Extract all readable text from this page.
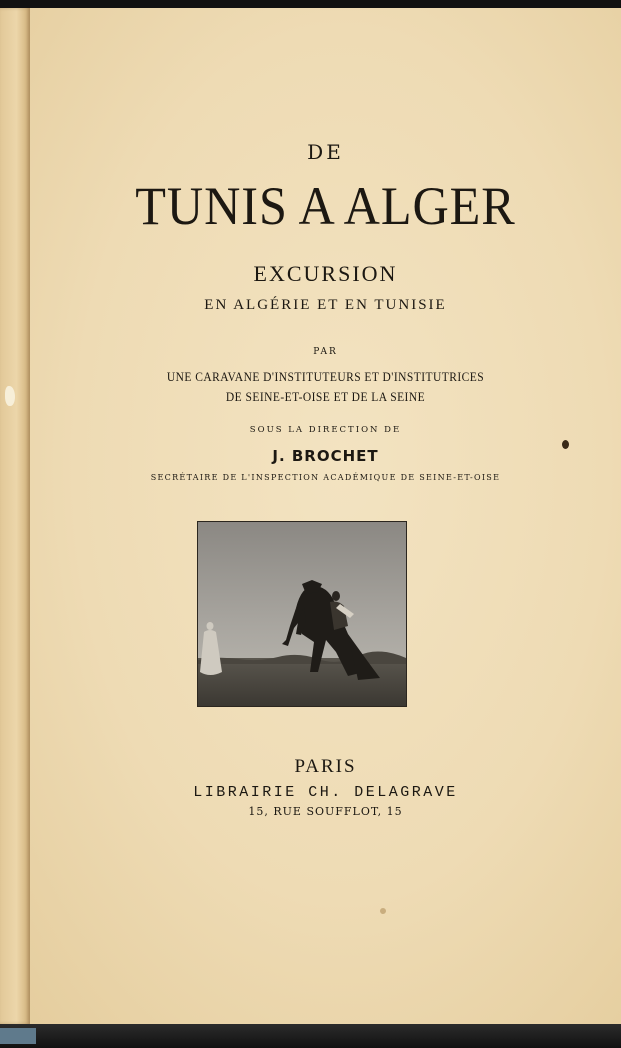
DE
TUNIS A ALGER
EXCURSION
EN ALGÉRIE ET EN TUNISIE
PAR
UNE CARAVANE D'INSTITUTEURS ET D'INSTITUTRICES
DE SEINE-ET-OISE ET DE LA SEINE
SOUS LA DIRECTION DE
J. BROCHET
SECRÉTAIRE DE L'INSPECTION ACADÉMIQUE DE SEINE-ET-OISE
PARIS
LIBRAIRIE CH. DELAGRAVE
15, RUE SOUFFLOT, 15
